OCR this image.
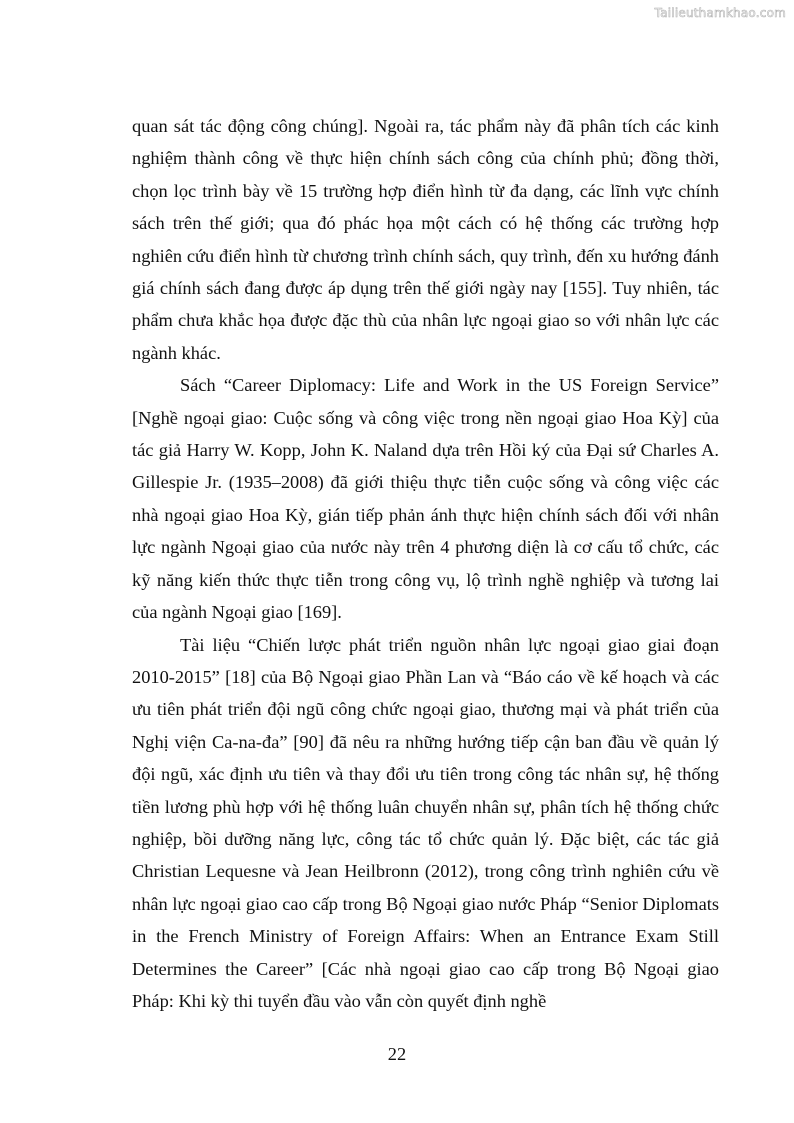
Tailieuthamkhao.com

quan sát tác động công chúng]. Ngoài ra, tác phẩm này đã phân tích các kinh nghiệm thành công về thực hiện chính sách công của chính phủ; đồng thời, chọn lọc trình bày về 15 trường hợp điển hình từ đa dạng, các lĩnh vực chính sách trên thế giới; qua đó phác họa một cách có hệ thống các trường hợp nghiên cứu điển hình từ chương trình chính sách, quy trình, đến xu hướng đánh giá chính sách đang được áp dụng trên thế giới ngày nay [155]. Tuy nhiên, tác phẩm chưa khắc họa được đặc thù của nhân lực ngoại giao so với nhân lực các ngành khác.

Sách “Career Diplomacy: Life and Work in the US Foreign Service” [Nghề ngoại giao: Cuộc sống và công việc trong nền ngoại giao Hoa Kỳ] của tác giả Harry W. Kopp, John K. Naland dựa trên Hồi ký của Đại sứ Charles A. Gillespie Jr. (1935–2008) đã giới thiệu thực tiễn cuộc sống và công việc các nhà ngoại giao Hoa Kỳ, gián tiếp phản ánh thực hiện chính sách đối với nhân lực ngành Ngoại giao của nước này trên 4 phương diện là cơ cấu tổ chức, các kỹ năng kiến thức thực tiễn trong công vụ, lộ trình nghề nghiệp và tương lai của ngành Ngoại giao [169].

Tài liệu “Chiến lược phát triển nguồn nhân lực ngoại giao giai đoạn 2010-2015” [18] của Bộ Ngoại giao Phần Lan và “Báo cáo về kế hoạch và các ưu tiên phát triển đội ngũ công chức ngoại giao, thương mại và phát triển của Nghị viện Ca-na-đa” [90] đã nêu ra những hướng tiếp cận ban đầu về quản lý đội ngũ, xác định ưu tiên và thay đổi ưu tiên trong công tác nhân sự, hệ thống tiền lương phù hợp với hệ thống luân chuyển nhân sự, phân tích hệ thống chức nghiệp, bồi dưỡng năng lực, công tác tổ chức quản lý. Đặc biệt, các tác giả Christian Lequesne và Jean Heilbronn (2012), trong công trình nghiên cứu về nhân lực ngoại giao cao cấp trong Bộ Ngoại giao nước Pháp “Senior Diplomats in the French Ministry of Foreign Affairs: When an Entrance Exam Still Determines the Career” [Các nhà ngoại giao cao cấp trong Bộ Ngoại giao Pháp: Khi kỳ thi tuyển đầu vào vẫn còn quyết định nghề

22
